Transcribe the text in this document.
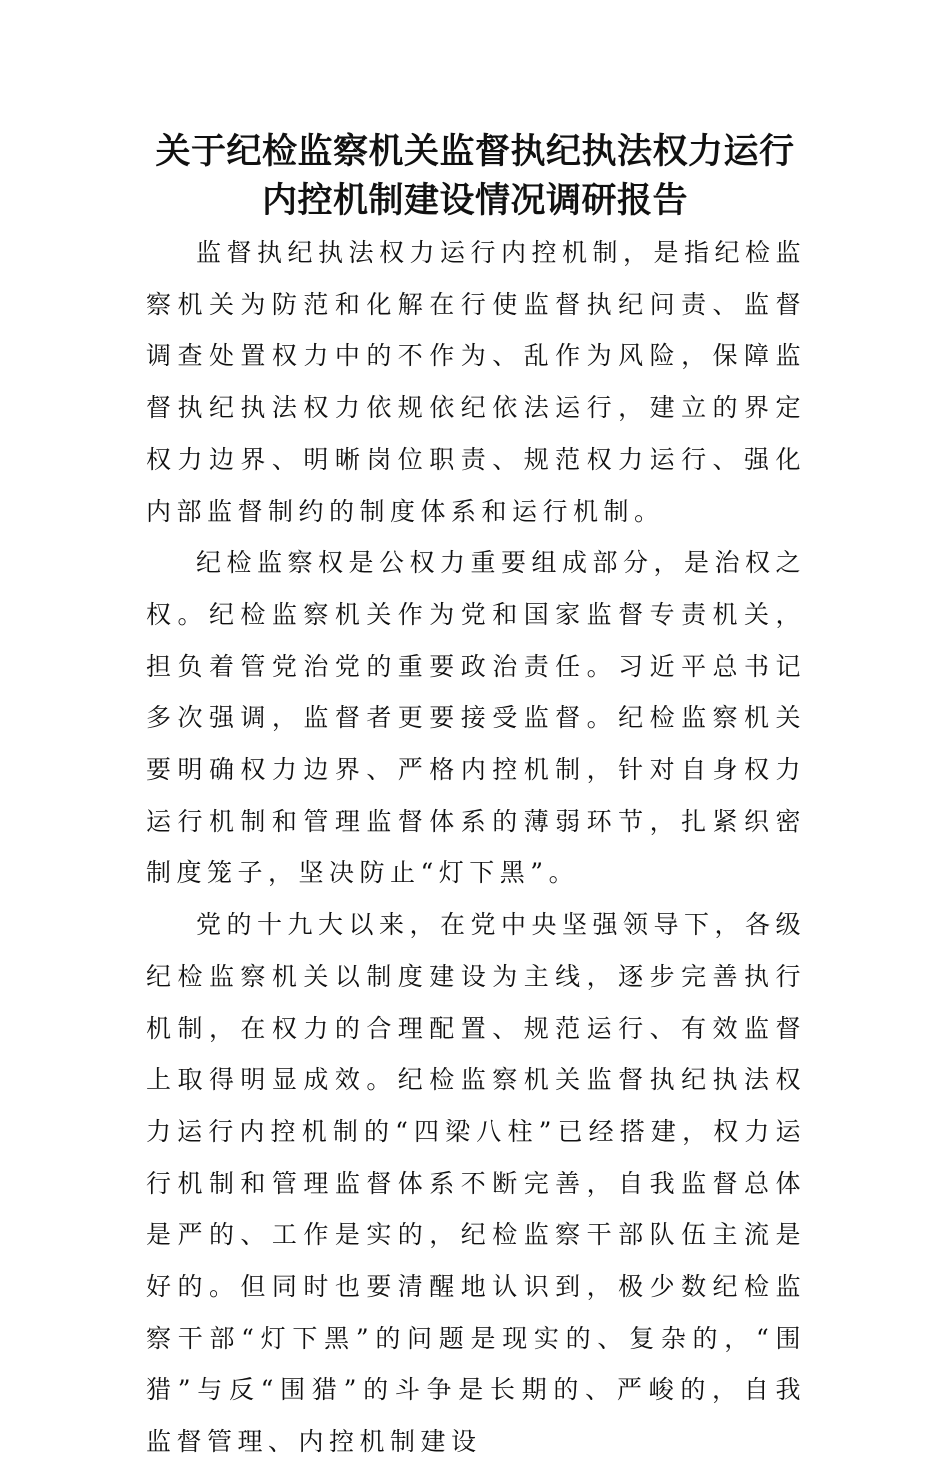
关于纪检监察机关监督执纪执法权力运行
内控机制建设情况调研报告

监督执纪执法权力运行内控机制，是指纪检监察机关为防范和化解在行使监督执纪问责、监督调查处置权力中的不作为、乱作为风险，保障监督执纪执法权力依规依纪依法运行，建立的界定权力边界、明晰岗位职责、规范权力运行、强化内部监督制约的制度体系和运行机制。

纪检监察权是公权力重要组成部分，是治权之权。纪检监察机关作为党和国家监督专责机关，担负着管党治党的重要政治责任。习近平总书记多次强调，监督者更要接受监督。纪检监察机关要明确权力边界、严格内控机制，针对自身权力运行机制和管理监督体系的薄弱环节，扎紧织密制度笼子，坚决防止“灯下黑”。

党的十九大以来，在党中央坚强领导下，各级纪检监察机关以制度建设为主线，逐步完善执行机制，在权力的合理配置、规范运行、有效监督上取得明显成效。纪检监察机关监督执纪执法权力运行内控机制的“四梁八柱”已经搭建，权力运行机制和管理监督体系不断完善，自我监督总体是严的、工作是实的，纪检监察干部队伍主流是好的。但同时也要清醒地认识到，极少数纪检监察干部“灯下黑”的问题是现实的、复杂的，“围猎”与反“围猎”的斗争是长期的、严峻的，自我监督管理、内控机制建设
